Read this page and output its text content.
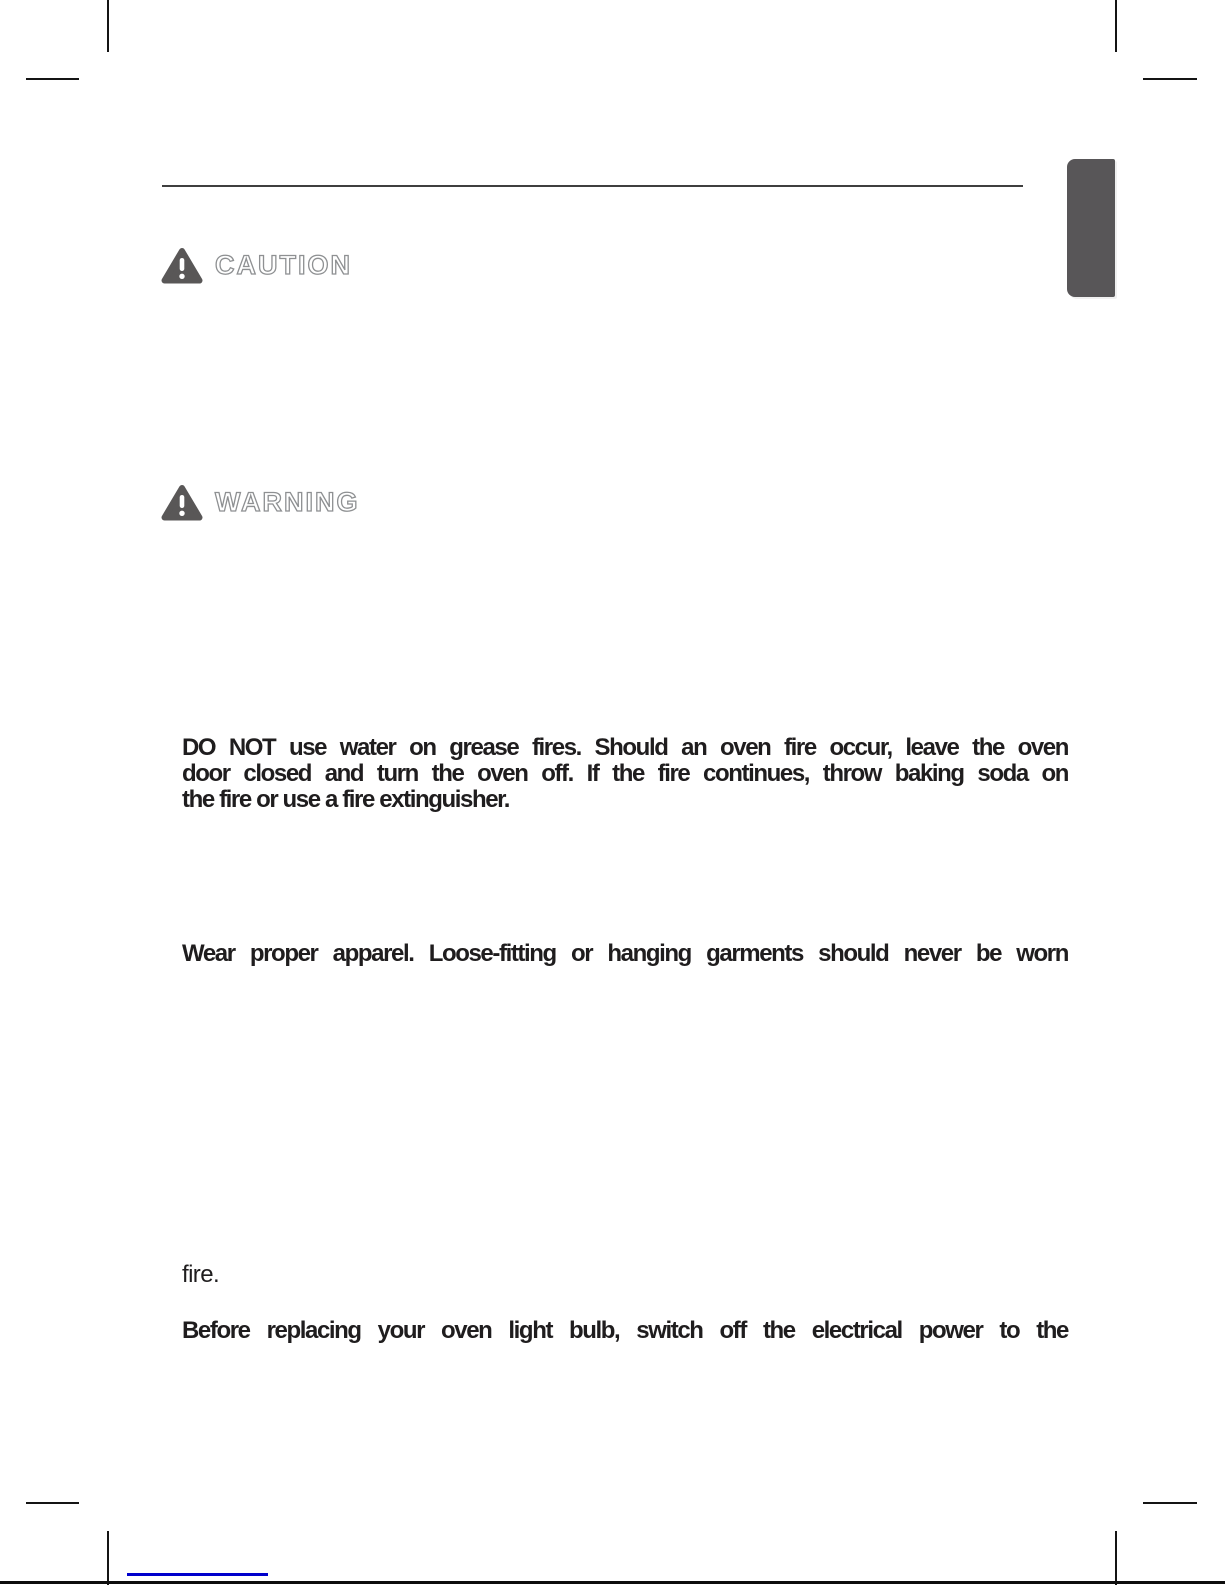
CAUTION
WARNING
DO NOT use water on grease fires. Should an oven fire occur, leave the oven
door closed and turn the oven off. If the fire continues, throw baking soda on
the fire or use a fire extinguisher.
Wear proper apparel. Loose-fitting or hanging garments should never be worn
fire.
Before replacing your oven light bulb, switch off the electrical power to the
